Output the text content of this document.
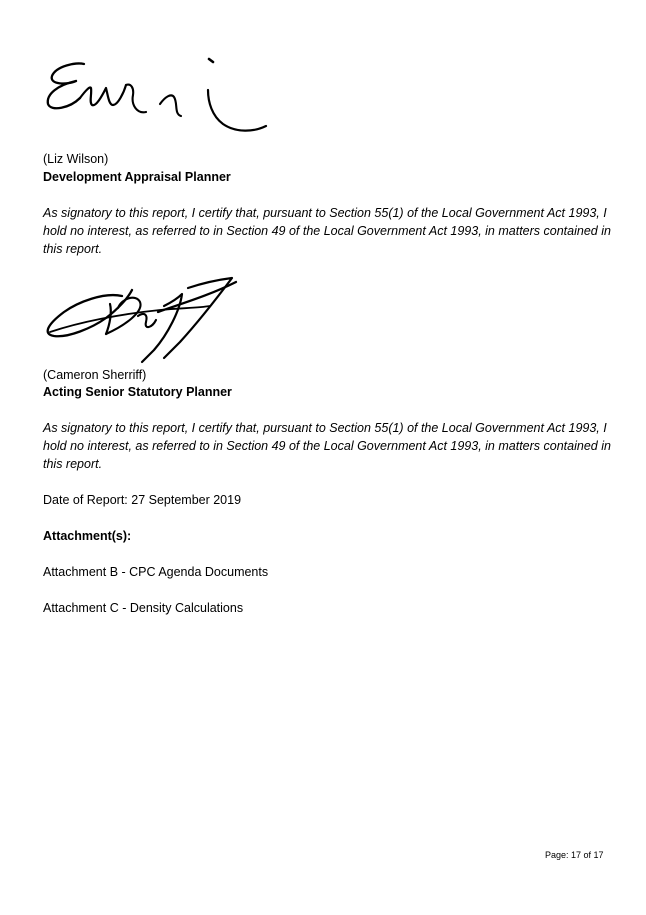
(Liz Wilson)
Development Appraisal Planner
As signatory to this report, I certify that, pursuant to Section 55(1) of the Local Government Act 1993, I hold no interest, as referred to in Section 49 of the Local Government Act 1993, in matters contained in this report.
(Cameron Sherriff)
Acting Senior Statutory Planner
As signatory to this report, I certify that, pursuant to Section 55(1) of the Local Government Act 1993, I hold no interest, as referred to in Section 49 of the Local Government Act 1993, in matters contained in this report.
Date of Report: 27 September 2019
Attachment(s):
Attachment B - CPC Agenda Documents
Attachment C - Density Calculations
Page: 17 of 17
